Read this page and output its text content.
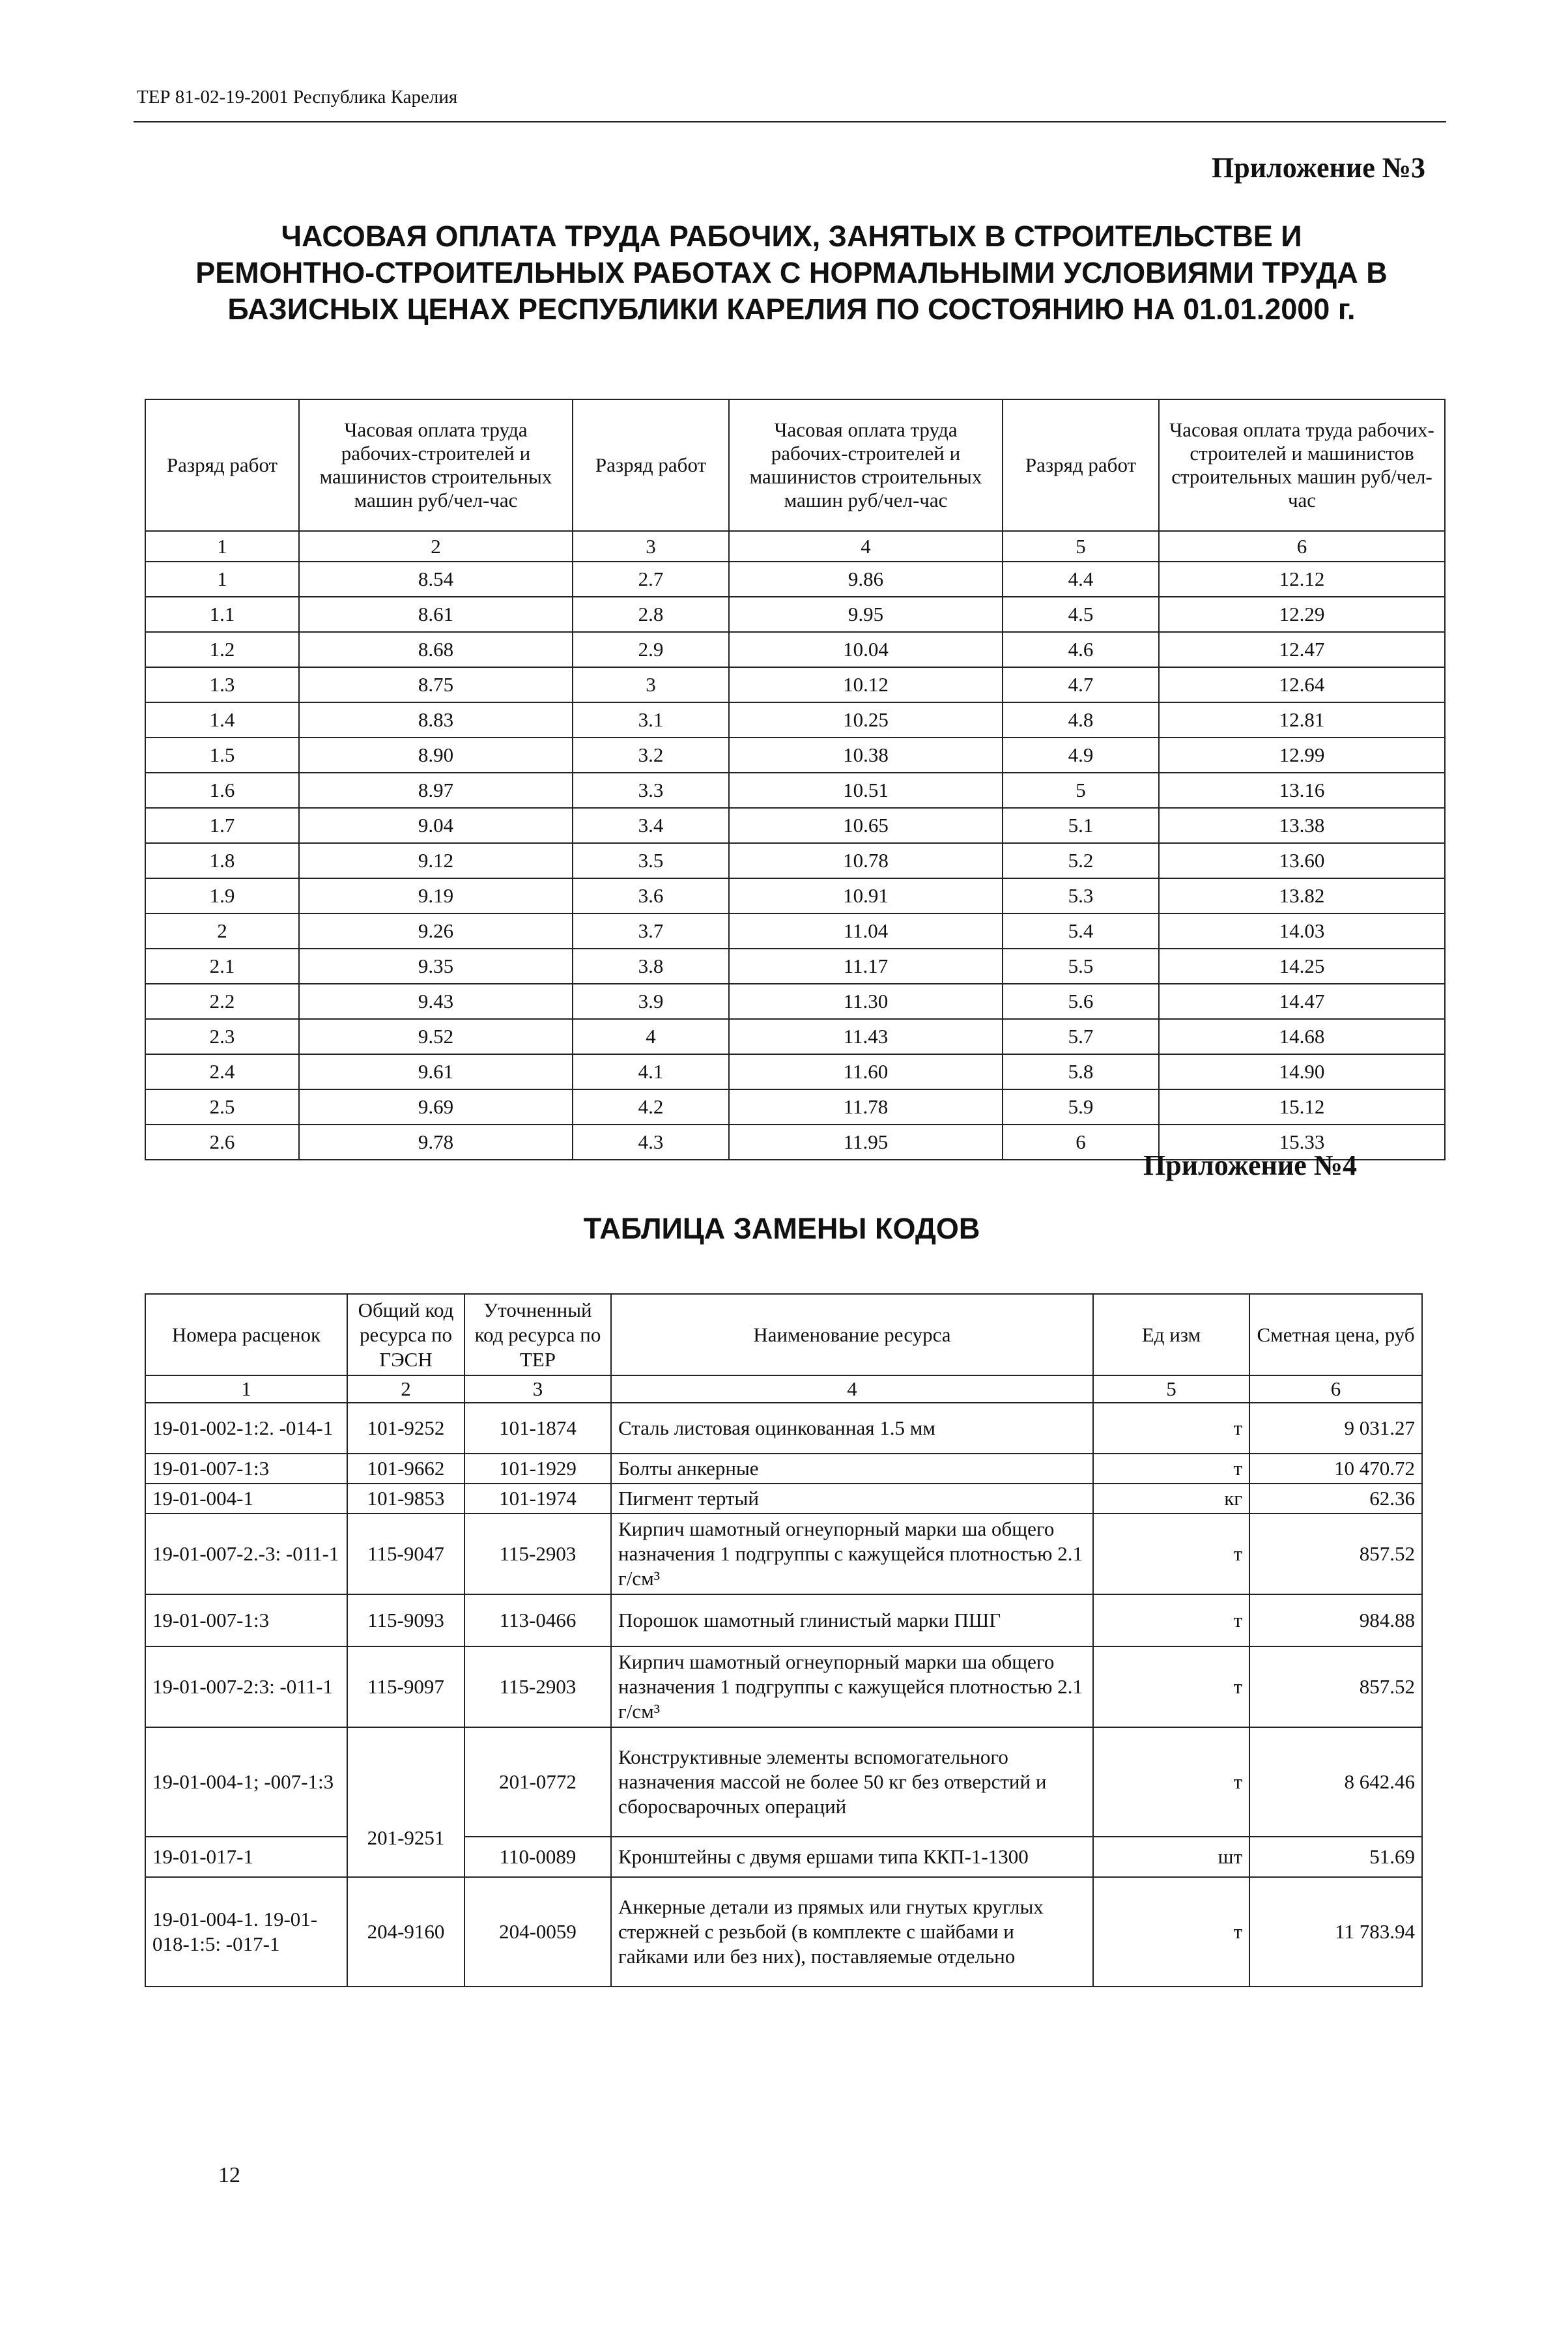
ТЕР 81-02-19-2001 Республика Карелия
Приложение №3
ЧАСОВАЯ ОПЛАТА ТРУДА РАБОЧИХ, ЗАНЯТЫХ В СТРОИТЕЛЬСТВЕ И РЕМОНТНО-СТРОИТЕЛЬНЫХ РАБОТАХ С НОРМАЛЬНЫМИ УСЛОВИЯМИ ТРУДА В БАЗИСНЫХ ЦЕНАХ РЕСПУБЛИКИ КАРЕЛИЯ ПО СОСТОЯНИЮ НА 01.01.2000 г.
Разряд работ	Часовая оплата труда рабочих-строителей и машинистов строительных машин руб/чел-час	Разряд работ	Часовая оплата труда рабочих-строителей и машинистов строительных машин руб/чел-час	Разряд работ	Часовая оплата труда рабочих-строителей и машинистов строительных машин руб/чел-час
1	2	3	4	5	6
1	8.54	2.7	9.86	4.4	12.12
1.1	8.61	2.8	9.95	4.5	12.29
1.2	8.68	2.9	10.04	4.6	12.47
1.3	8.75	3	10.12	4.7	12.64
1.4	8.83	3.1	10.25	4.8	12.81
1.5	8.90	3.2	10.38	4.9	12.99
1.6	8.97	3.3	10.51	5	13.16
1.7	9.04	3.4	10.65	5.1	13.38
1.8	9.12	3.5	10.78	5.2	13.60
1.9	9.19	3.6	10.91	5.3	13.82
2	9.26	3.7	11.04	5.4	14.03
2.1	9.35	3.8	11.17	5.5	14.25
2.2	9.43	3.9	11.30	5.6	14.47
2.3	9.52	4	11.43	5.7	14.68
2.4	9.61	4.1	11.60	5.8	14.90
2.5	9.69	4.2	11.78	5.9	15.12
2.6	9.78	4.3	11.95	6	15.33
Приложение №4
ТАБЛИЦА ЗАМЕНЫ КОДОВ
Номера расценок	Общий код ресурса по ГЭСН	Уточненный код ресурса по ТЕР	Наименование ресурса	Ед изм	Сметная цена, руб
1	2	3	4	5	6
19-01-002-1:2. -014-1	101-9252	101-1874	Сталь листовая оцинкованная 1.5 мм	т	9 031.27
19-01-007-1:3	101-9662	101-1929	Болты анкерные	т	10 470.72
19-01-004-1	101-9853	101-1974	Пигмент тертый	кг	62.36
19-01-007-2.-3: -011-1	115-9047	115-2903	Кирпич шамотный огнеупорный марки ша общего назначения 1 подгруппы с кажущейся плотностью 2.1 г/см³	т	857.52
19-01-007-1:3	115-9093	113-0466	Порошок шамотный глинистый марки ПШГ	т	984.88
19-01-007-2:3: -011-1	115-9097	115-2903	Кирпич шамотный огнеупорный марки ша общего назначения 1 подгруппы с кажущейся плотностью 2.1 г/см³	т	857.52
19-01-004-1; -007-1:3	201-9251	201-0772	Конструктивные элементы вспомогательного назначения массой не более 50 кг без отверстий и сборосварочных операций	т	8 642.46
19-01-017-1		110-0089	Кронштейны с двумя ершами типа ККП-1-1300	шт	51.69
19-01-004-1. 19-01-018-1:5: -017-1	204-9160	204-0059	Анкерные детали из прямых или гнутых круглых стержней с резьбой (в комплекте с шайбами и гайками или без них), поставляемые отдельно	т	11 783.94
12
